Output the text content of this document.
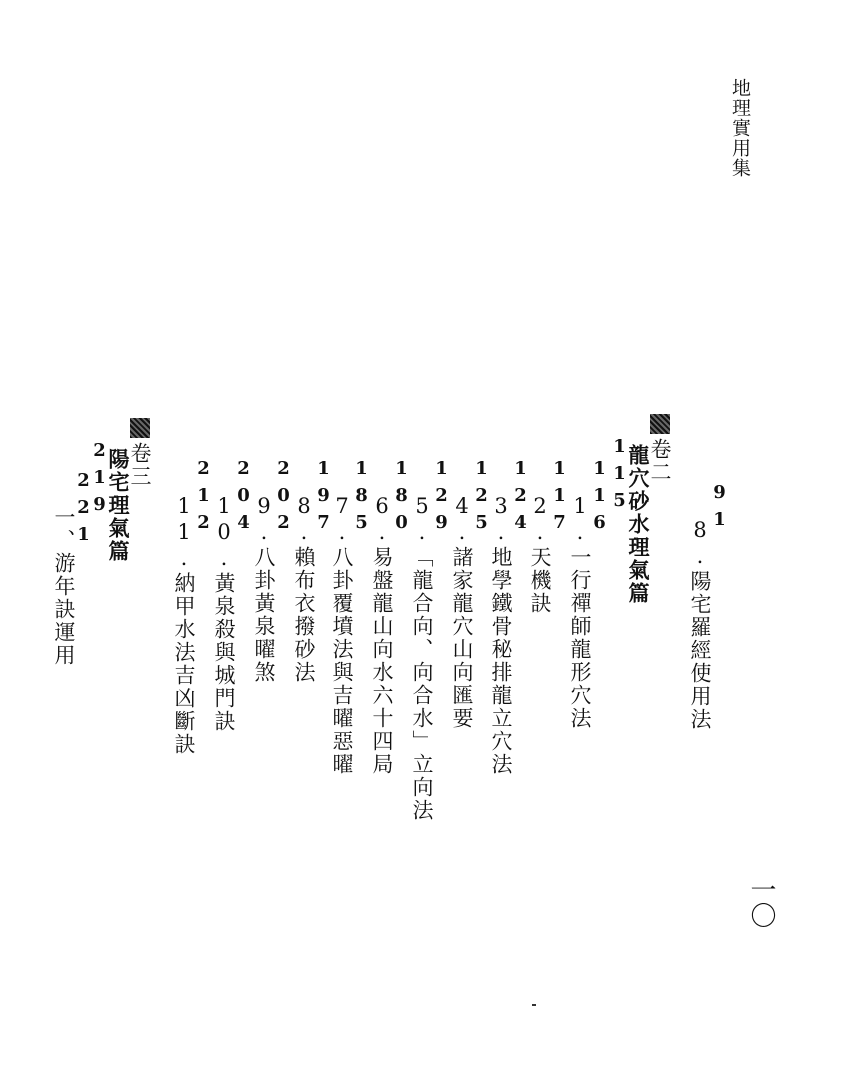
地理實用集
91
8.陽宅羅經使用法
卷二
龍穴砂水理氣篇
115
116
1.一行禪師龍形穴法
117
2.天機訣
124
3.地學鐵骨秘排龍立穴法
125
4.諸家龍穴山向匯要
129
5.「龍合向、向合水」立向法
180
6.易盤龍山向水六十四局
185
7.八卦覆墳法與吉曜惡曜
197
8.賴布衣撥砂法
202
9.八卦黃泉曜煞
204
10.黃泉殺與城門訣
212
11.納甲水法吉凶斷訣
卷三
陽宅理氣篇
219
221
一、游年訣運用
一〇
